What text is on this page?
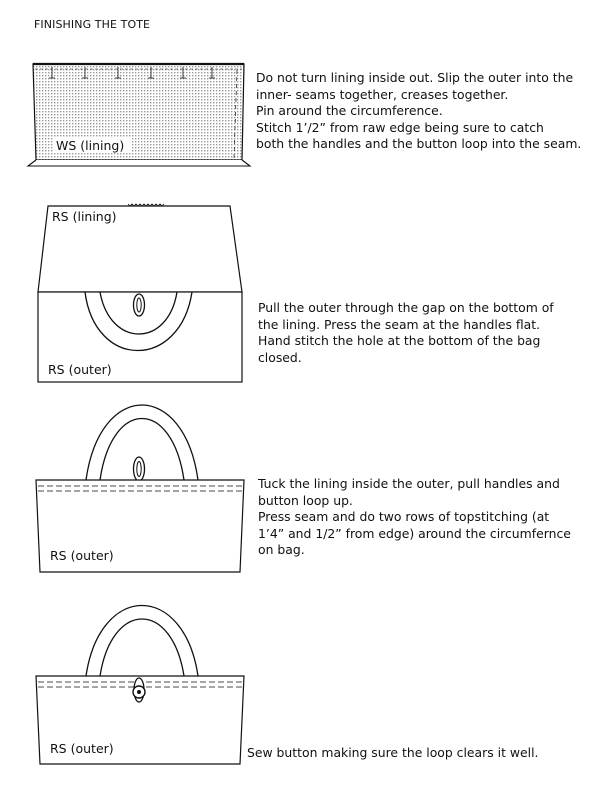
FINISHING THE TOTE
Do not turn lining inside out. Slip the outer into the
inner- seams together, creases together.
Pin around the circumference.
Stitch 1’/2” from raw edge being sure to catch
both the handles and the button loop into the seam.
Pull the outer through the gap on the bottom of
the lining. Press the seam at the handles flat.
Hand stitch the hole at the bottom of the bag
closed.
Tuck the lining inside the outer, pull handles and
button loop up.
Press seam and do two rows of topstitching (at
1’4” and 1/2” from edge) around the circumfernce
on bag.
Sew button making sure the loop clears it well.
WS (lining)
RS (lining)
RS (outer)
RS (outer)
RS (outer)
